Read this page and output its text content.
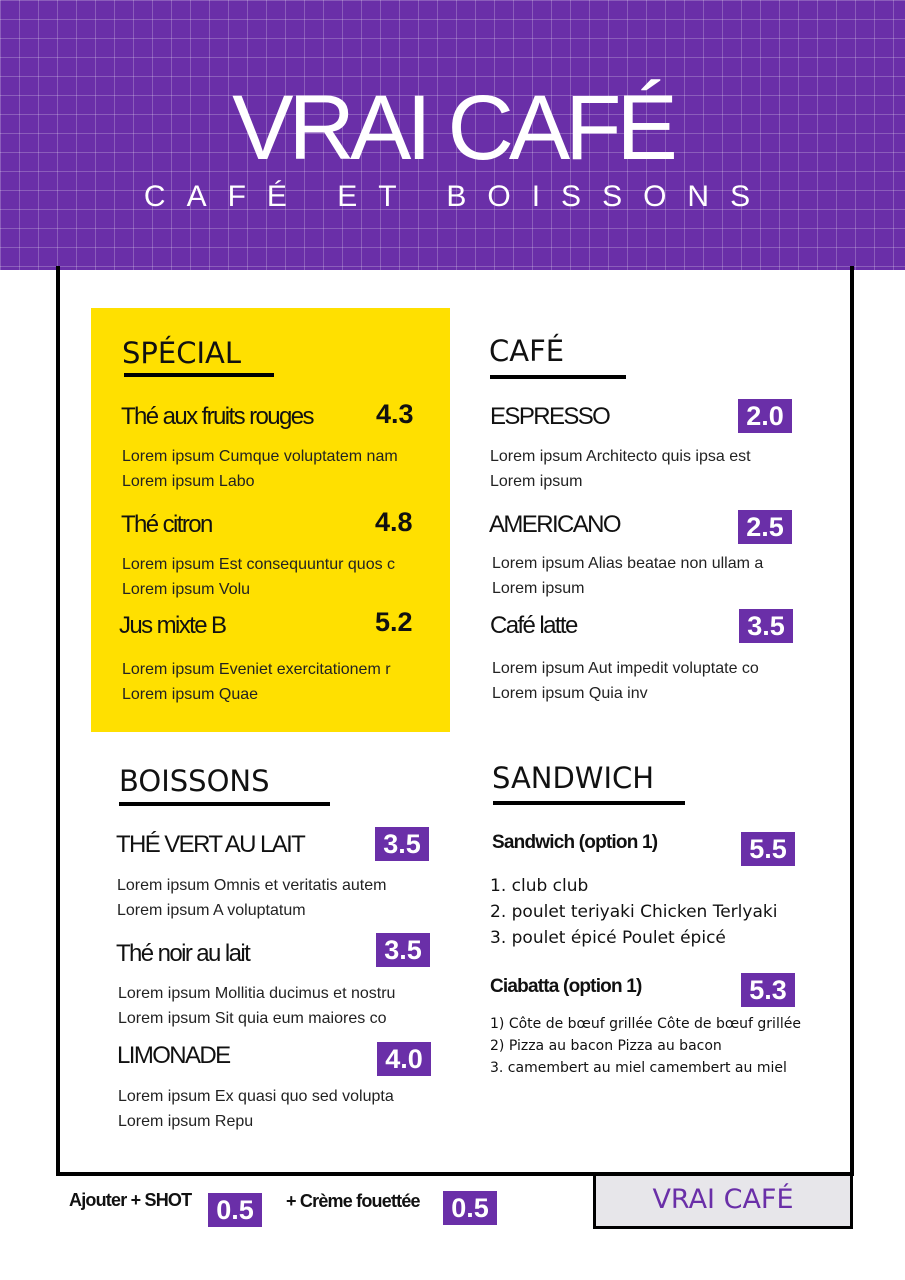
VRAI CAFÉ
CAFÉ ET BOISSONS
SPÉCIAL
Thé aux fruits rouges 4.3
Lorem ipsum Cumque voluptatem nam
Lorem ipsum Labo
Thé citron	4.8
Lorem ipsum Est consequuntur quos c
Lorem ipsum Volu
Jus mixte B	5.2
Lorem ipsum Eveniet exercitationem r
Lorem ipsum Quae
CAFÉ
ESPRESSO	2.0
Lorem ipsum Architecto quis ipsa est
Lorem ipsum
AMERICANO	2.5
Lorem ipsum Alias beatae non ullam a
Lorem ipsum
Café latte	3.5
Lorem ipsum Aut impedit voluptate co
Lorem ipsum Quia inv
BOISSONS
THÉ VERT AU LAIT	3.5
Lorem ipsum Omnis et veritatis autem
Lorem ipsum A voluptatum
Thé noir au lait	3.5
Lorem ipsum Mollitia ducimus et nostru
Lorem ipsum Sit quia eum maiores co
LIMONADE	4.0
Lorem ipsum Ex quasi quo sed volupta
Lorem ipsum Repu
SANDWICH
Sandwich (option 1)	5.5
1. club club
2. poulet teriyaki Chicken Terlyaki
3. poulet épicé Poulet épicé
Ciabatta (option 1)	5.3
1) Côte de bœuf grillée Côte de bœuf grillée
2) Pizza au bacon Pizza au bacon
3. camembert au miel camembert au miel
Ajouter + SHOT 0.5	+ Crème fouettée	0.5	VRAI CAFÉ
